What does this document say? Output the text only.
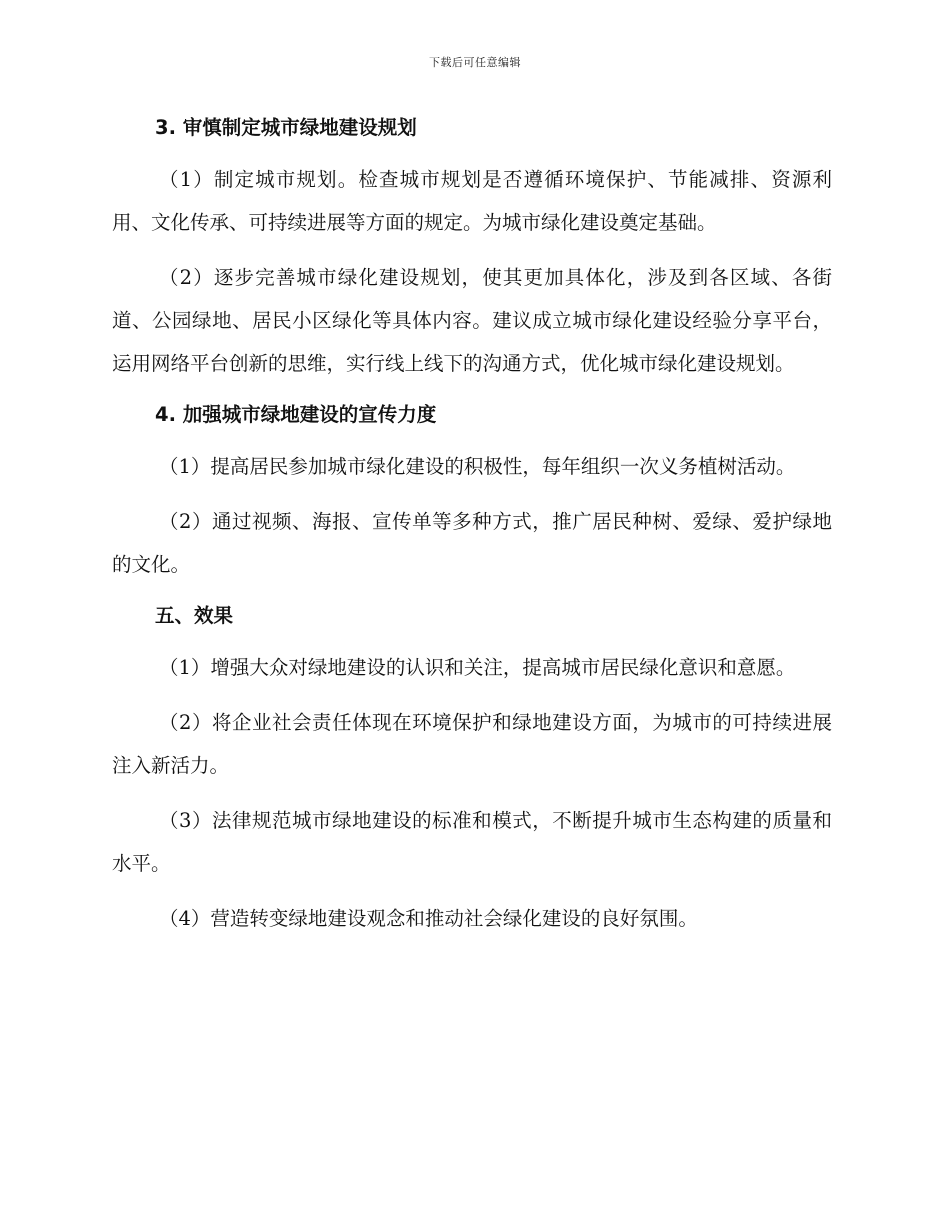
下载后可任意编辑
3. 审慎制定城市绿地建设规划

（1）制定城市规划。检查城市规划是否遵循环境保护、节能减排、资源利用、文化传承、可持续进展等方面的规定。为城市绿化建设奠定基础。

（2）逐步完善城市绿化建设规划，使其更加具体化，涉及到各区域、各街道、公园绿地、居民小区绿化等具体内容。建议成立城市绿化建设经验分享平台，运用网络平台创新的思维，实行线上线下的沟通方式，优化城市绿化建设规划。

4. 加强城市绿地建设的宣传力度

（1）提高居民参加城市绿化建设的积极性，每年组织一次义务植树活动。

（2）通过视频、海报、宣传单等多种方式，推广居民种树、爱绿、爱护绿地的文化。

五、效果

（1）增强大众对绿地建设的认识和关注，提高城市居民绿化意识和意愿。

（2）将企业社会责任体现在环境保护和绿地建设方面，为城市的可持续进展注入新活力。

（3）法律规范城市绿地建设的标准和模式，不断提升城市生态构建的质量和水平。

（4）营造转变绿地建设观念和推动社会绿化建设的良好氛围。
